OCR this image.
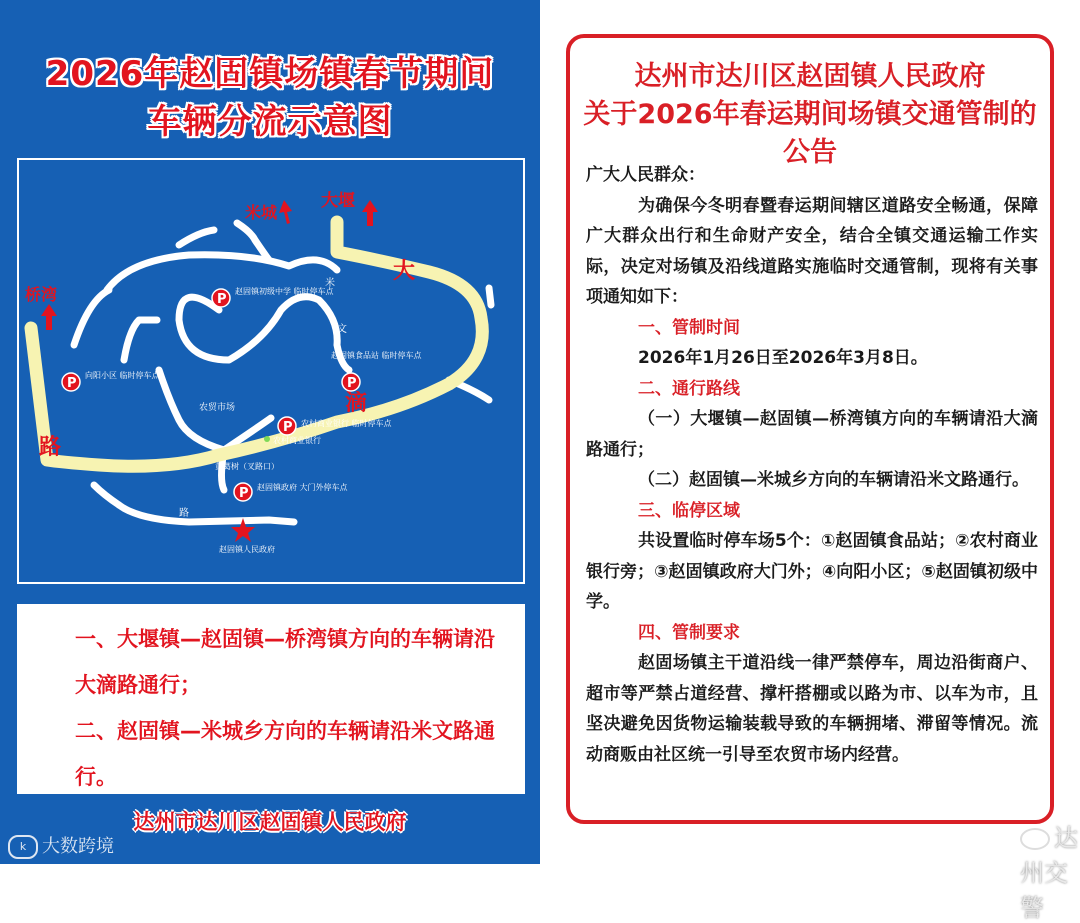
2026年赵固镇场镇春节期间
车辆分流示意图
大堰
米城
桥湾
大
滴
路
米
文
路
P
赵固镇初级中学 临时停车点
P
赵固镇食品站 临时停车点
P
向阳小区 临时停车点
P 农村商业银行 临时停车点
P 赵固镇政府 大门外停车点
农贸市场
农村商业银行
黄葛树（叉路口）
赵固镇人民政府
一、大堰镇—赵固镇—桥湾镇方向的车辆请沿大滴路通行；
二、赵固镇—米城乡方向的车辆请沿米文路通行。
达州市达川区赵固镇人民政府
k 大数跨境
达州市达川区赵固镇人民政府
关于2026年春运期间场镇交通管制的公告

广大人民群众：

为确保今冬明春暨春运期间辖区道路安全畅通，保障广大群众出行和生命财产安全，结合全镇交通运输工作实际，决定对场镇及沿线道路实施临时交通管制，现将有关事项通知如下：

一、管制时间

2026年1月26日至2026年3月8日。

二、通行路线

（一）大堰镇—赵固镇—桥湾镇方向的车辆请沿大滴路通行；

（二）赵固镇—米城乡方向的车辆请沿米文路通行。

三、临停区域

共设置临时停车场5个：①赵固镇食品站；②农村商业银行旁；③赵固镇政府大门外；④向阳小区；⑤赵固镇初级中学。

四、管制要求

赵固场镇主干道沿线一律严禁停车，周边沿街商户、超市等严禁占道经营、撑杆搭棚或以路为市、以车为市，且坚决避免因货物运输装载导致的车辆拥堵、滞留等情况。流动商贩由社区统一引导至农贸市场内经营。

达州交警
